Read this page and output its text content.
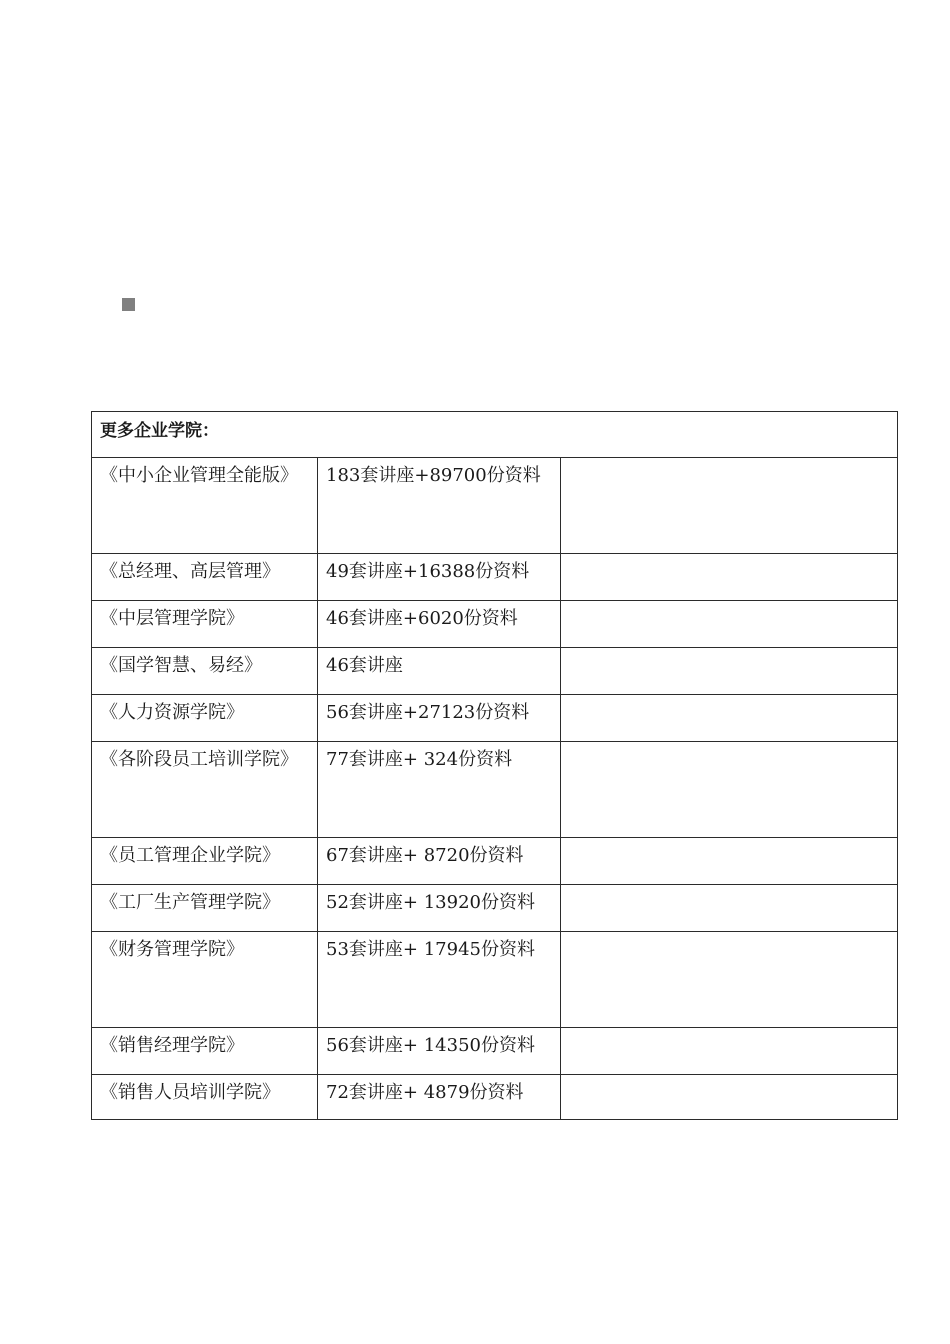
更多企业学院：		

《中小企业管理全能版》	183套讲座+89700份资料	

《总经理、高层管理》	49套讲座+16388份资料	

《中层管理学院》	46套讲座+6020份资料	

《国学智慧、易经》	46套讲座	

《人力资源学院》	56套讲座+27123份资料	

《各阶段员工培训学院》	77套讲座+ 324份资料	

《员工管理企业学院》	67套讲座+ 8720份资料	

《工厂生产管理学院》	52套讲座+ 13920份资料	

《财务管理学院》	53套讲座+ 17945份资料	

《销售经理学院》	56套讲座+ 14350份资料	

《销售人员培训学院》	72套讲座+ 4879份资料	
